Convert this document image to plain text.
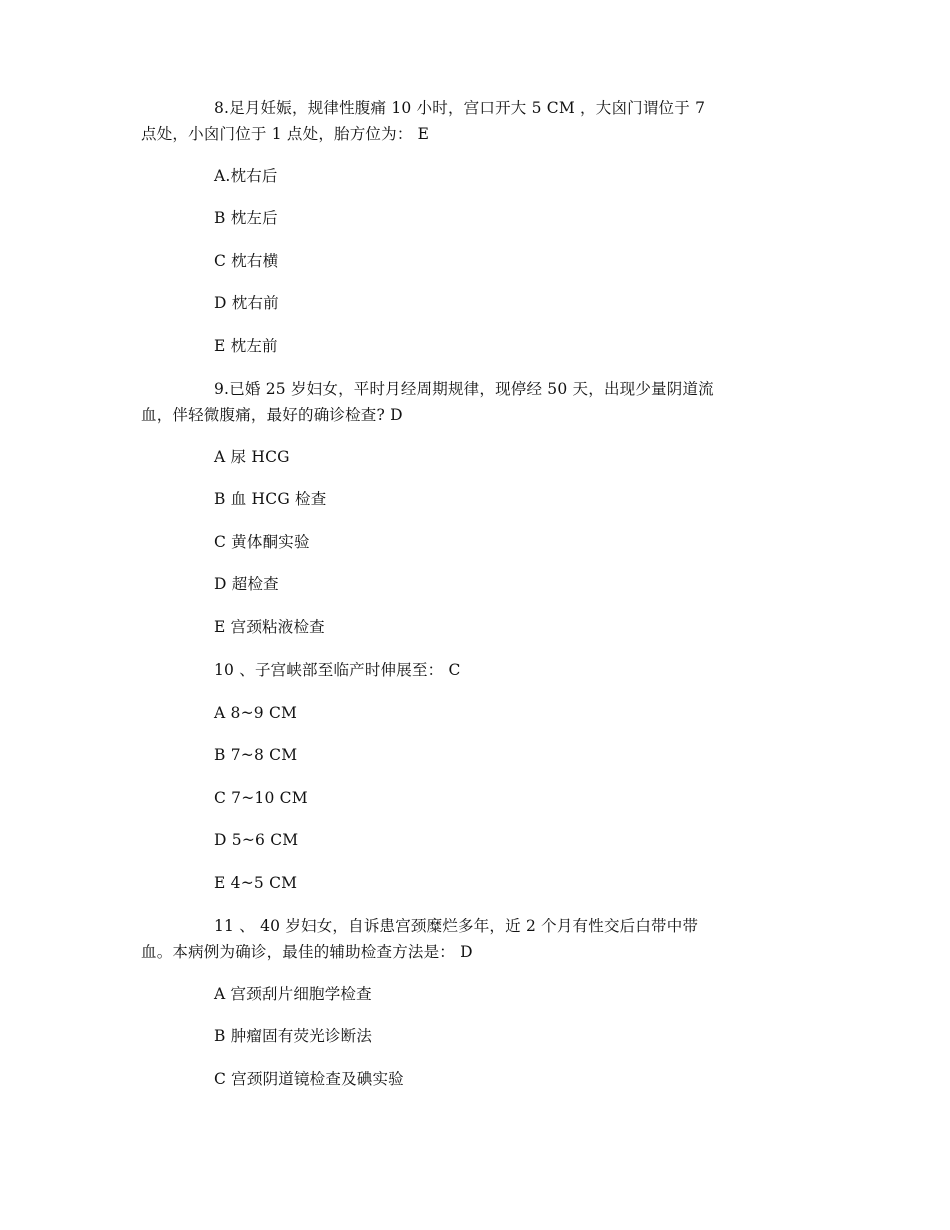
8.足月妊娠，规律性腹痛 10 小时，宫口开大 5 CM ，大囟门谓位于 7
点处，小囟门位于 1 点处，胎方位为： E
A.枕右后
B 枕左后
C 枕右横
D 枕右前
E 枕左前
9.已婚 25 岁妇女，平时月经周期规律，现停经 50 天，出现少量阴道流
血，伴轻微腹痛，最好的确诊检查? D
A 尿 HCG
B 血 HCG 检查
C 黄体酮实验
D 超检查
E 宫颈粘液检查
10 、子宫峡部至临产时伸展至： C
A 8~9 CM
B 7~8 CM
C 7~10 CM
D 5~6 CM
E 4~5 CM
11 、 40 岁妇女，自诉患宫颈糜烂多年，近 2 个月有性交后白带中带
血。本病例为确诊，最佳的辅助检查方法是： D
A 宫颈刮片细胞学检查
B 肿瘤固有荧光诊断法
C 宫颈阴道镜检查及碘实验
